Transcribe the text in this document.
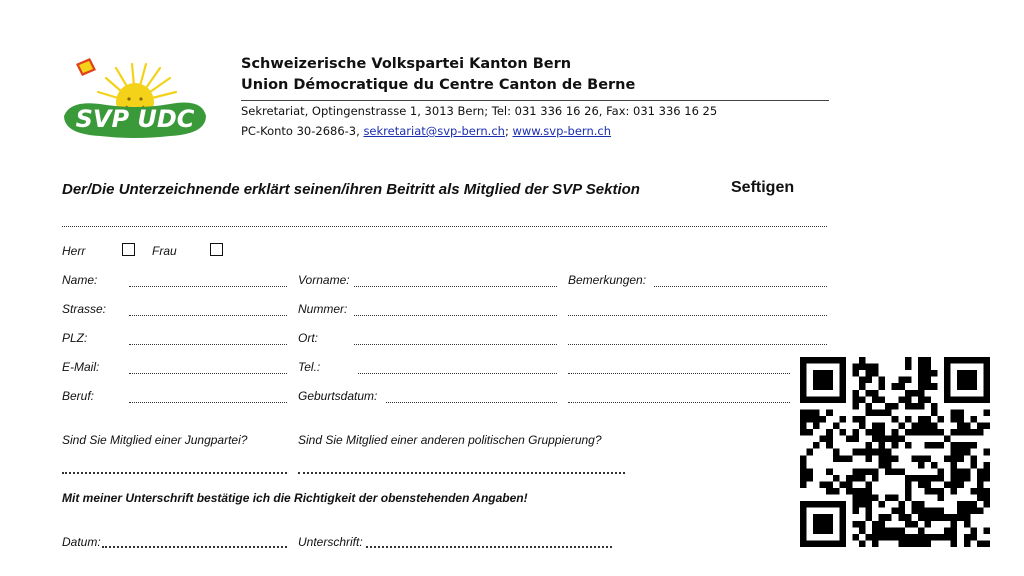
SVP UDC
Schweizerische Volkspartei Kanton Bern
Union Démocratique du Centre Canton de Berne
Sekretariat, Optingenstrasse 1, 3013 Bern; Tel: 031 336 16 26, Fax: 031 336 16 25
PC-Konto 30-2686-3, sekretariat@svp-bern.ch; www.svp-bern.ch
Der/Die Unterzeichnende erklärt seinen/ihren Beitritt als Mitglied der SVP Sektion	Seftigen
Herr	Frau
Name:	Vorname:	Bemerkungen:
Strasse:	Nummer:
PLZ:	Ort:
E-Mail:	Tel.:
Beruf:	Geburtsdatum:
Sind Sie Mitglied einer Jungpartei?	Sind Sie Mitglied einer anderen politischen Gruppierung?
Mit meiner Unterschrift bestätige ich die Richtigkeit der obenstehenden Angaben!
Datum:	Unterschrift:
